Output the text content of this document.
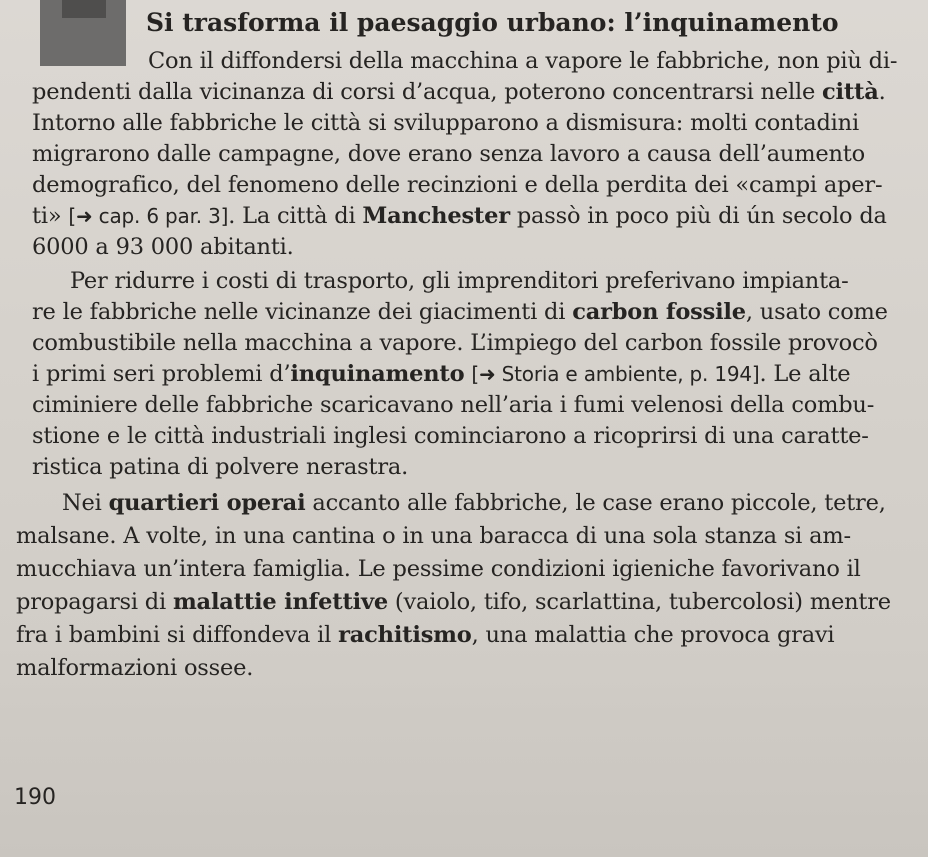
Si trasforma il paesaggio urbano: l’inquinamento
Con il diffondersi della macchina a vapore le fabbriche, non più di-
pendenti dalla vicinanza di corsi d’acqua, poterono concentrarsi nelle città.
Intorno alle fabbriche le città si svilupparono a dismisura: molti contadini
migrarono dalle campagne, dove erano senza lavoro a causa dell’aumento
demografico, del fenomeno delle recinzioni e della perdita dei «campi aper-
ti» [➜ cap. 6 par. 3]. La città di Manchester passò in poco più di ún secolo da
6000 a 93 000 abitanti.
Per ridurre i costi di trasporto, gli imprenditori preferivano impianta-
re le fabbriche nelle vicinanze dei giacimenti di carbon fossile, usato come
combustibile nella macchina a vapore. L’impiego del carbon fossile provocò
i primi seri problemi d’inquinamento [➜ Storia e ambiente, p. 194]. Le alte
ciminiere delle fabbriche scaricavano nell’aria i fumi velenosi della combu-
stione e le città industriali inglesi cominciarono a ricoprirsi di una caratte-
ristica patina di polvere nerastra.
Nei quartieri operai accanto alle fabbriche, le case erano piccole, tetre,
malsane. A volte, in una cantina o in una baracca di una sola stanza si am-
mucchiava un’intera famiglia. Le pessime condizioni igieniche favorivano il
propagarsi di malattie infettive (vaiolo, tifo, scarlattina, tubercolosi) mentre
fra i bambini si diffondeva il rachitismo, una malattia che provoca gravi
malformazioni ossee.
190
